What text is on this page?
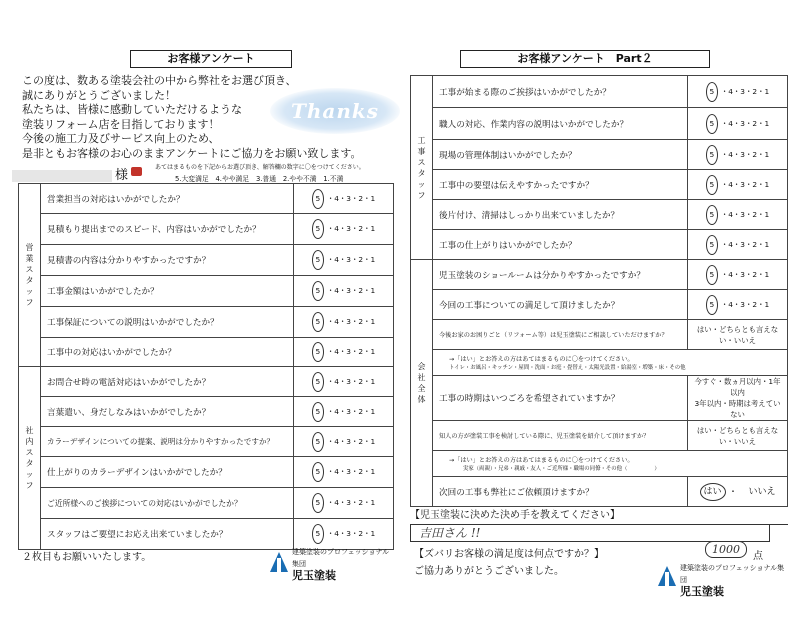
お客様アンケート
この度は、数ある塗装会社の中から弊社をお選び頂き、
誠にありがとうございました！
私たちは、皆様に感動していただけるような
塗装リフォーム店を目指しております！
今後の施工力及びサービス向上のため、
是非ともお客様のお心のままアンケートにご協力をお願い致します。
Thanks
様
あてはまるものを下記からお選び頂き、解答欄の数字に〇をつけてください。
5.大変満足　4.やや満足　3.普通　2.やや不満　1.不満
営業スタッフ	営業担当の対応はいかがでしたか？	5 ・4・3・2・1
	見積もり提出までのスピード、内容はいかがでしたか？	5 ・4・3・2・1
	見積書の内容は分かりやすかったですか？	5 ・4・3・2・1
	工事金額はいかがでしたか？	5 ・4・3・2・1
	工事保証についての説明はいかがでしたか？	5 ・4・3・2・1
	工事中の対応はいかがでしたか？	5 ・4・3・2・1
社内スタッフ	お問合せ時の電話対応はいかがでしたか？	5 ・4・3・2・1
	言葉遣い、身だしなみはいかがでしたか？	5 ・4・3・2・1
	カラーデザインについての提案、説明は分かりやすかったですか？	5 ・4・3・2・1
	仕上がりのカラーデザインはいかがでしたか？	5 ・4・3・2・1
	ご近所様へのご挨拶についての対応はいかがでしたか？	5 ・4・3・2・1
	スタッフはご要望にお応え出来ていましたか？	5 ・4・3・2・1
２枚目もお願いいたします。	建築塗装のプロフェッショナル集団
児玉塗装
お客様アンケート　Part２
工事スタッフ	工事が始まる際のご挨拶はいかがでしたか？	5 ・4・3・2・1
	職人の対応、作業内容の説明はいかがでしたか？	5 ・4・3・2・1
	現場の管理体制はいかがでしたか？	5 ・4・3・2・1
	工事中の要望は伝えやすかったですか？	5 ・4・3・2・1
	後片付け、清掃はしっかり出来ていましたか？	5 ・4・3・2・1
	工事の仕上がりはいかがでしたか？	5 ・4・3・2・1
会社全体	児玉塗装のショールームは分かりやすかったですか？	5 ・4・3・2・1
	今回の工事についての満足して頂けましたか？	5 ・4・3・2・1
	今後お家のお困りごと（リフォーム等）は児玉塗装にご相談していただけますか？	はい・どちらとも言えない・いいえ

	→「はい」とお答えの方はあてはまるものに〇をつけてください。
トイレ・お風呂・キッチン・屋間・洗面・お庭・畳替え・太陽光設置・給湯室・増築・床・その他	

	工事の時期はいつごろを希望されていますか？	今すぐ・数ヵ月以内・1年以内
3年以内・時期は考えていない

	知人の方が塗装工事を検討している際に、児玉塗装を紹介して頂けますか？	はい・どちらとも言えない・いいえ

	→「はい」とお答えの方はあてはまるものに〇をつけてください。
実家（両親）・兄弟・親戚・友人・ご近所様・職場の同僚・その他（　　　　　）	

	次回の工事も弊社にご依頼頂けますか？	はい ・ いいえ
【児玉塗装に決めた決め手を教えてください】
吉田さん !!
【ズバリお客様の満足度は何点ですか？】	1000
点
ご協力ありがとうございました。	建築塗装のプロフェッショナル集団
児玉塗装
